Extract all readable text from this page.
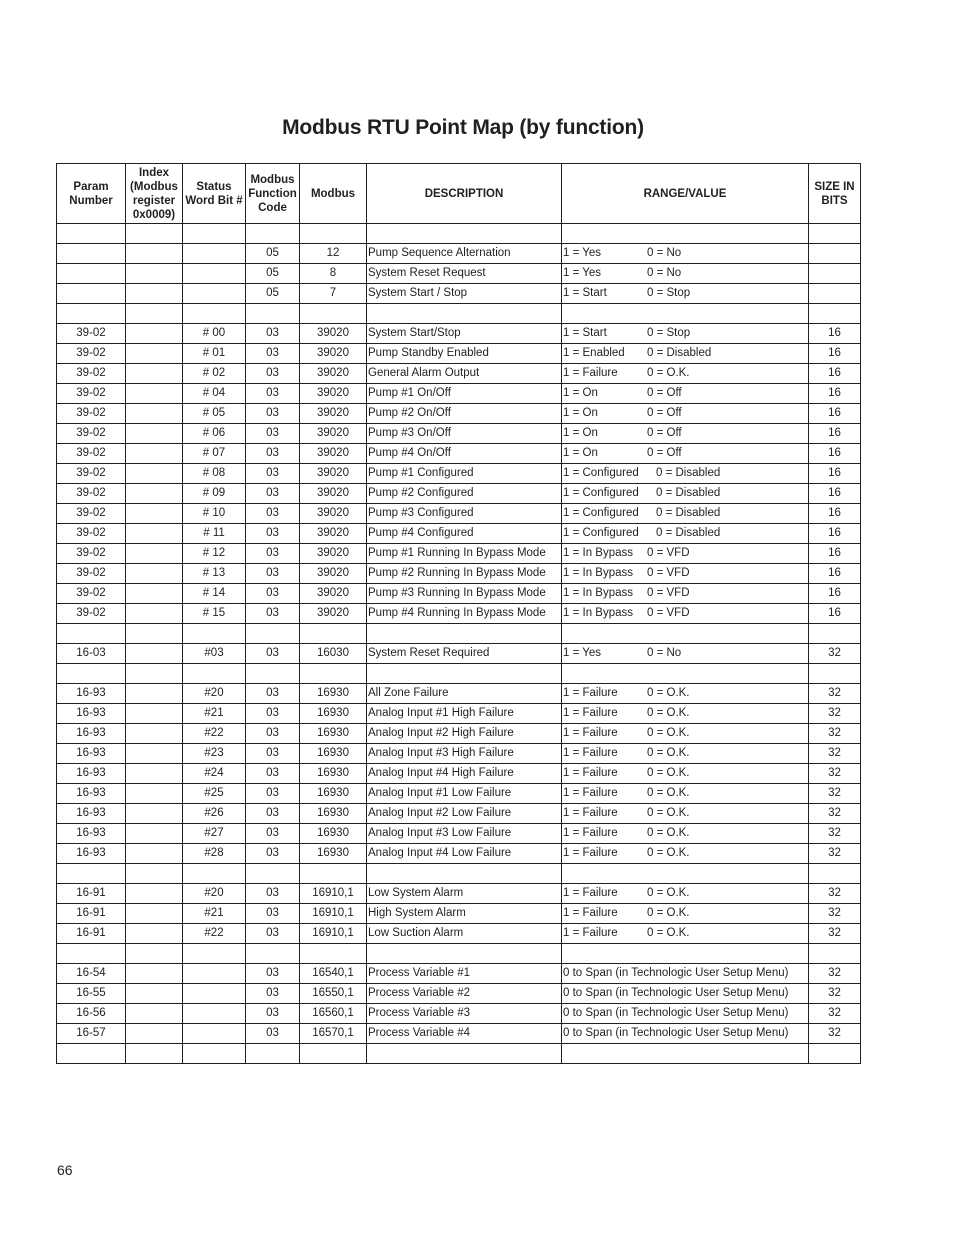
Modbus RTU Point Map (by function)
Param Number	Index (Modbus register 0x0009)	Status Word Bit #	Modbus Function Code	Modbus	DESCRIPTION	RANGE/VALUE	SIZE IN BITS

			05	12	Pump Sequence Alternation	1 = Yes 0 = No	
			05	8	System Reset Request	1 = Yes 0 = No	
			05	7	System Start / Stop	1 = Start 0 = Stop	

39-02		# 00	03	39020	System Start/Stop	1 = Start 0 = Stop	16
39-02		# 01	03	39020	Pump Standby Enabled	1 = Enabled 0 = Disabled	16
39-02		# 02	03	39020	General Alarm Output	1 = Failure 0 = O.K.	16
39-02		# 04	03	39020	Pump #1 On/Off	1 = On 0 = Off	16
39-02		# 05	03	39020	Pump #2 On/Off	1 = On 0 = Off	16
39-02		# 06	03	39020	Pump #3 On/Off	1 = On 0 = Off	16
39-02		# 07	03	39020	Pump #4 On/Off	1 = On 0 = Off	16
39-02		# 08	03	39020	Pump #1 Configured	1 = Configured 0 = Disabled	16
39-02		# 09	03	39020	Pump #2 Configured	1 = Configured 0 = Disabled	16
39-02		# 10	03	39020	Pump #3 Configured	1 = Configured 0 = Disabled	16
39-02		# 11	03	39020	Pump #4 Configured	1 = Configured 0 = Disabled	16
39-02		# 12	03	39020	Pump #1 Running In Bypass Mode	1 = In Bypass 0 = VFD	16
39-02		# 13	03	39020	Pump #2 Running In Bypass Mode	1 = In Bypass 0 = VFD	16
39-02		# 14	03	39020	Pump #3 Running In Bypass Mode	1 = In Bypass 0 = VFD	16
39-02		# 15	03	39020	Pump #4 Running In Bypass Mode	1 = In Bypass 0 = VFD	16

16-03		#03	03	16030	System Reset Required	1 = Yes 0 = No	32

16-93		#20	03	16930	All Zone Failure	1 = Failure 0 = O.K.	32
16-93		#21	03	16930	Analog Input #1 High Failure	1 = Failure 0 = O.K.	32
16-93		#22	03	16930	Analog Input #2 High Failure	1 = Failure 0 = O.K.	32
16-93		#23	03	16930	Analog Input #3 High Failure	1 = Failure 0 = O.K.	32
16-93		#24	03	16930	Analog Input #4 High Failure	1 = Failure 0 = O.K.	32
16-93		#25	03	16930	Analog Input #1 Low Failure	1 = Failure 0 = O.K.	32
16-93		#26	03	16930	Analog Input #2 Low Failure	1 = Failure 0 = O.K.	32
16-93		#27	03	16930	Analog Input #3 Low Failure	1 = Failure 0 = O.K.	32
16-93		#28	03	16930	Analog Input #4 Low Failure	1 = Failure 0 = O.K.	32

16-91		#20	03	16910,1	Low System Alarm	1 = Failure 0 = O.K.	32
16-91		#21	03	16910,1	High System Alarm	1 = Failure 0 = O.K.	32
16-91		#22	03	16910,1	Low Suction Alarm	1 = Failure 0 = O.K.	32

16-54			03	16540,1	Process Variable #1	0 to Span (in Technologic User Setup Menu)	32
16-55			03	16550,1	Process Variable #2	0 to Span (in Technologic User Setup Menu)	32
16-56			03	16560,1	Process Variable #3	0 to Span (in Technologic User Setup Menu)	32
16-57			03	16570,1	Process Variable #4	0 to Span (in Technologic User Setup Menu)	32

66
